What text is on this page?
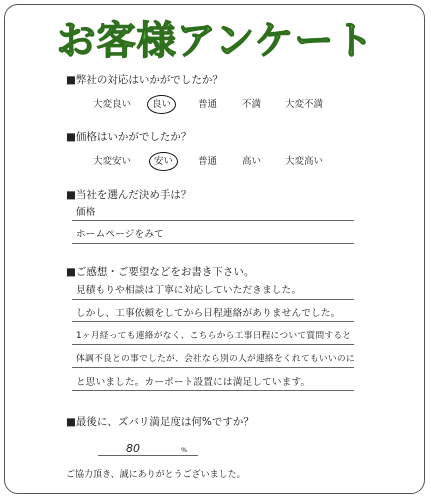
お客様アンケート
■弊社の対応はいかがでしたか？
大変良い 良い	普通	不満	大変不満
■価格はいかがでしたか？
大変安い 安い	普通	高い	大変高い
■当社を選んだ決め手は？
価格
ホームページをみて
■ご感想・ご要望などをお書き下さい。
見積もりや相談は丁寧に対応していただきました。
しかし、工事依頼をしてから日程連絡がありませんでした。
1ヶ月経っても連絡がなく、こちらから工事日程について質問すると
体調不良との事でしたが、会社なら別の人が連絡をくれてもいいのに
と思いました。カーポート設置には満足しています。
■最後に、ズバリ満足度は何%ですか？
80	%
ご協力頂き、誠にありがとうございました。
